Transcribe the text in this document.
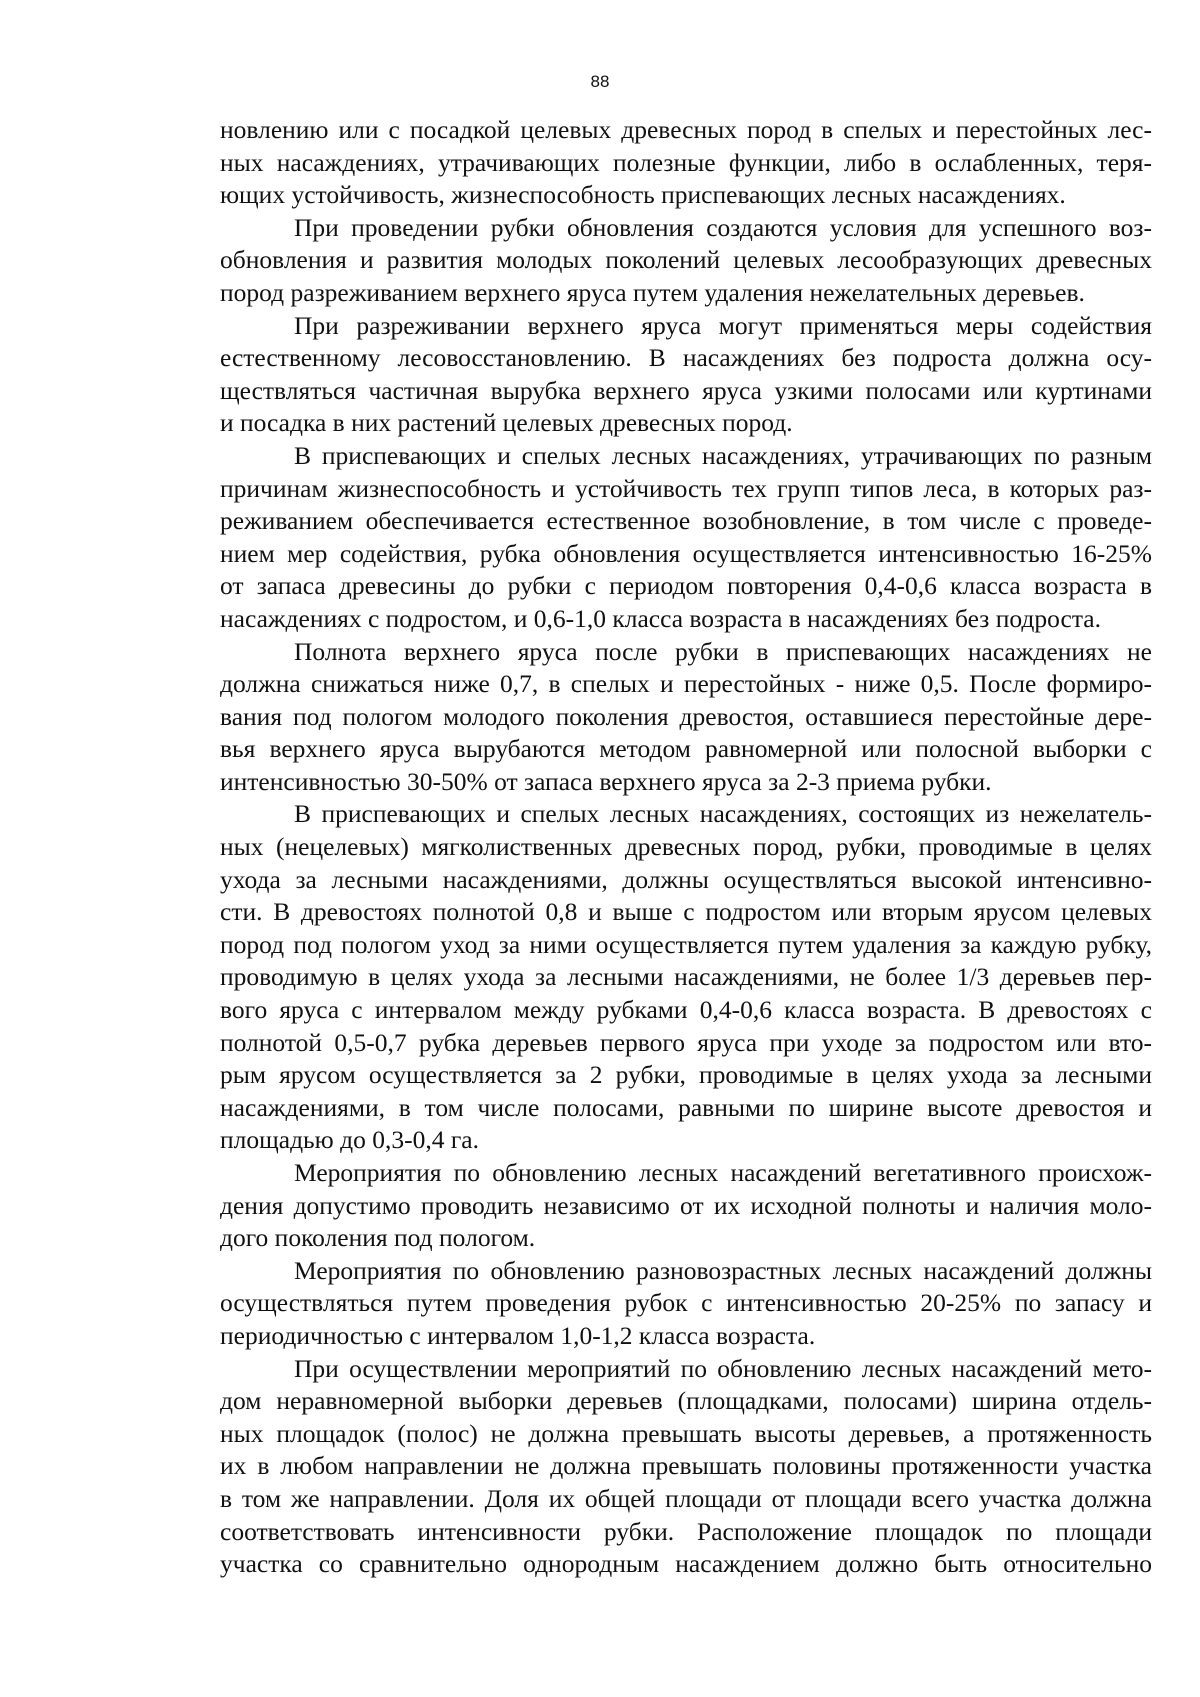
88
новлению или с посадкой целевых древесных пород в спелых и перестойных лес-
ных насаждениях, утрачивающих полезные функции, либо в ослабленных, теря-
ющих устойчивость, жизнеспособность приспевающих лесных насаждениях.
При проведении рубки обновления создаются условия для успешного воз-
обновления и развития молодых поколений целевых лесообразующих древесных
пород разреживанием верхнего яруса путем удаления нежелательных деревьев.
При разреживании верхнего яруса могут применяться меры содействия
естественному лесовосстановлению. В насаждениях без подроста должна осу-
ществляться частичная вырубка верхнего яруса узкими полосами или куртинами
и посадка в них растений целевых древесных пород.
В приспевающих и спелых лесных насаждениях, утрачивающих по разным
причинам жизнеспособность и устойчивость тех групп типов леса, в которых раз-
реживанием обеспечивается естественное возобновление, в том числе с проведе-
нием мер содействия, рубка обновления осуществляется интенсивностью 16-25%
от запаса древесины до рубки с периодом повторения 0,4-0,6 класса возраста в
насаждениях с подростом, и 0,6-1,0 класса возраста в насаждениях без подроста.
Полнота верхнего яруса после рубки в приспевающих насаждениях не
должна снижаться ниже 0,7, в спелых и перестойных - ниже 0,5. После формиро-
вания под пологом молодого поколения древостоя, оставшиеся перестойные дере-
вья верхнего яруса вырубаются методом равномерной или полосной выборки с
интенсивностью 30-50% от запаса верхнего яруса за 2-3 приема рубки.
В приспевающих и спелых лесных насаждениях, состоящих из нежелатель-
ных (нецелевых) мягколиственных древесных пород, рубки, проводимые в целях
ухода за лесными насаждениями, должны осуществляться высокой интенсивно-
сти. В древостоях полнотой 0,8 и выше с подростом или вторым ярусом целевых
пород под пологом уход за ними осуществляется путем удаления за каждую рубку,
проводимую в целях ухода за лесными насаждениями, не более 1/3 деревьев пер-
вого яруса с интервалом между рубками 0,4-0,6 класса возраста. В древостоях с
полнотой 0,5-0,7 рубка деревьев первого яруса при уходе за подростом или вто-
рым ярусом осуществляется за 2 рубки, проводимые в целях ухода за лесными
насаждениями, в том числе полосами, равными по ширине высоте древостоя и
площадью до 0,3-0,4 га.
Мероприятия по обновлению лесных насаждений вегетативного происхож-
дения допустимо проводить независимо от их исходной полноты и наличия моло-
дого поколения под пологом.
Мероприятия по обновлению разновозрастных лесных насаждений должны
осуществляться путем проведения рубок с интенсивностью 20-25% по запасу и
периодичностью с интервалом 1,0-1,2 класса возраста.
При осуществлении мероприятий по обновлению лесных насаждений мето-
дом неравномерной выборки деревьев (площадками, полосами) ширина отдель-
ных площадок (полос) не должна превышать высоты деревьев, а протяженность
их в любом направлении не должна превышать половины протяженности участка
в том же направлении. Доля их общей площади от площади всего участка должна
соответствовать интенсивности рубки. Расположение площадок по площади
участка со сравнительно однородным насаждением должно быть относительно
